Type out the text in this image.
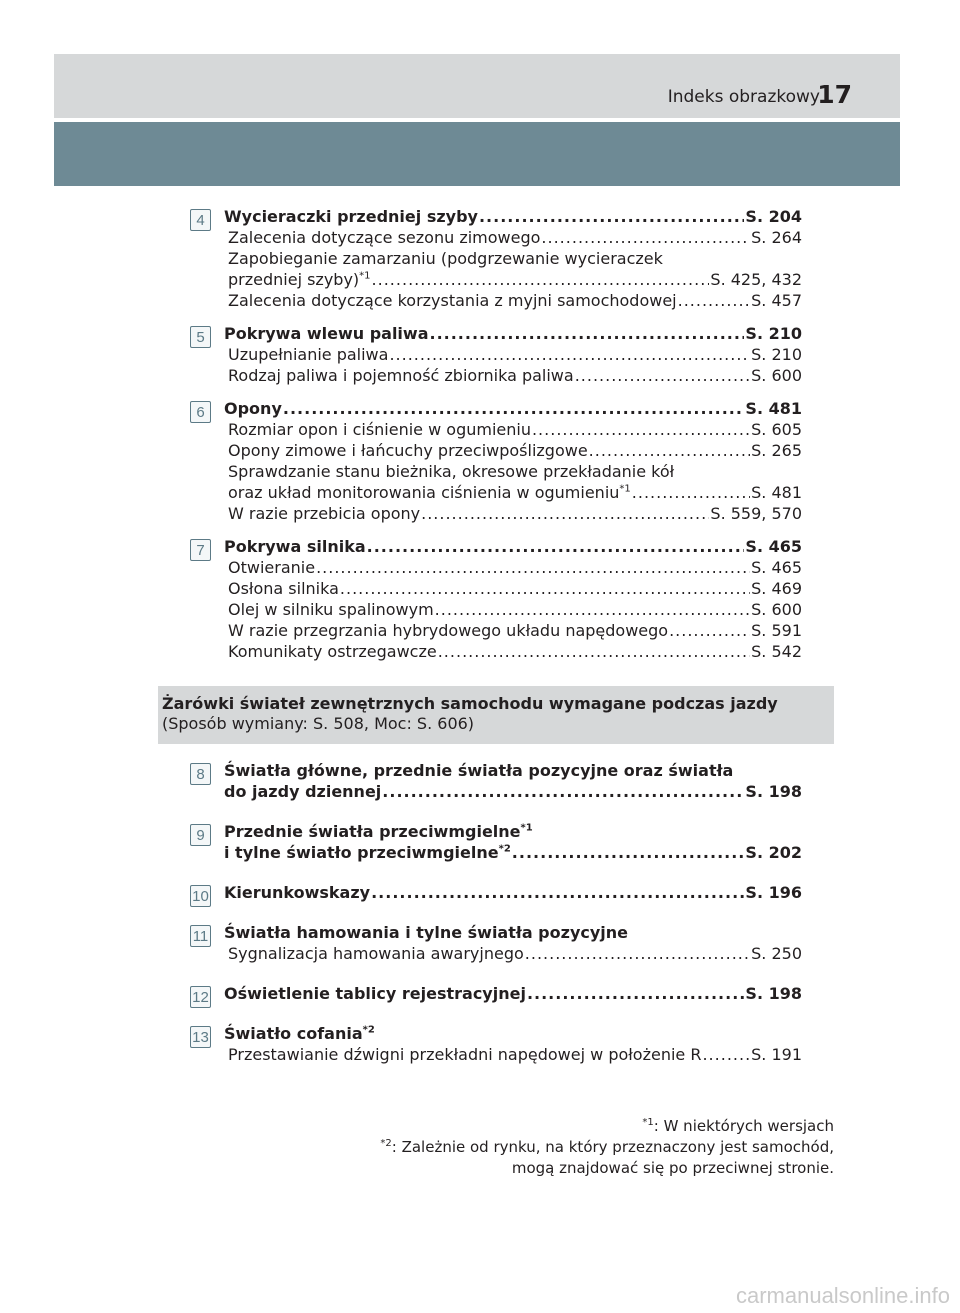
Indeks obrazkowy
17
4	Wycieraczki przedniej szyby .....	S. 204
Zalecenia dotyczące sezonu zimowego .....	S. 264
Zapobieganie zamarzaniu (podgrzewanie wycieraczek
przedniej szyby)$^{*1}$ .....	S. 425, 432
Zalecenia dotyczące korzystania z myjni samochodowej .....	S. 457
5	Pokrywa wlewu paliwa .....	S. 210
Uzupełnianie paliwa .....	S. 210
Rodzaj paliwa i pojemność zbiornika paliwa .....	S. 600
6	Opony .....	S. 481
Rozmiar opon i ciśnienie w ogumieniu .....	S. 605
Opony zimowe i łańcuchy przeciwpoślizgowe .....	S. 265
Sprawdzanie stanu bieżnika, okresowe przekładanie kół
oraz układ monitorowania ciśnienia w ogumieniu$^{*1}$ .....	S. 481
W razie przebicia opony .....	S. 559, 570
7	Pokrywa silnika .....	S. 465
Otwieranie .....	S. 465
Osłona silnika .....	S. 469
Olej w silniku spalinowym .....	S. 600
W razie przegrzania hybrydowego układu napędowego .....	S. 591
Komunikaty ostrzegawcze .....	S. 542
Żarówki świateł zewnętrznych samochodu wymagane podczas jazdy
(Sposób wymiany: S. 508, Moc: S. 606)
8	Światła główne, przednie światła pozycyjne oraz światła
do jazdy dziennej .....	S. 198
9	Przednie światła przeciwmgielne$^{*1}$
i tylne światło przeciwmgielne$^{*2}$ .....	S. 202
10 Kierunkowskazy .....	S. 196
11 Światła hamowania i tylne światła pozycyjne
Sygnalizacja hamowania awaryjnego .....	S. 250
12 Oświetlenie tablicy rejestracyjnej .....	S. 198
13 Światło cofania$^{*2}$
Przestawianie dźwigni przekładni napędowej w położenie R .....	S. 191
$^{*1}$: W niektórych wersjach
$^{*2}$: Zależnie od rynku, na który przeznaczony jest samochód,
mogą znajdować się po przeciwnej stronie.
carmanualsonline.info
